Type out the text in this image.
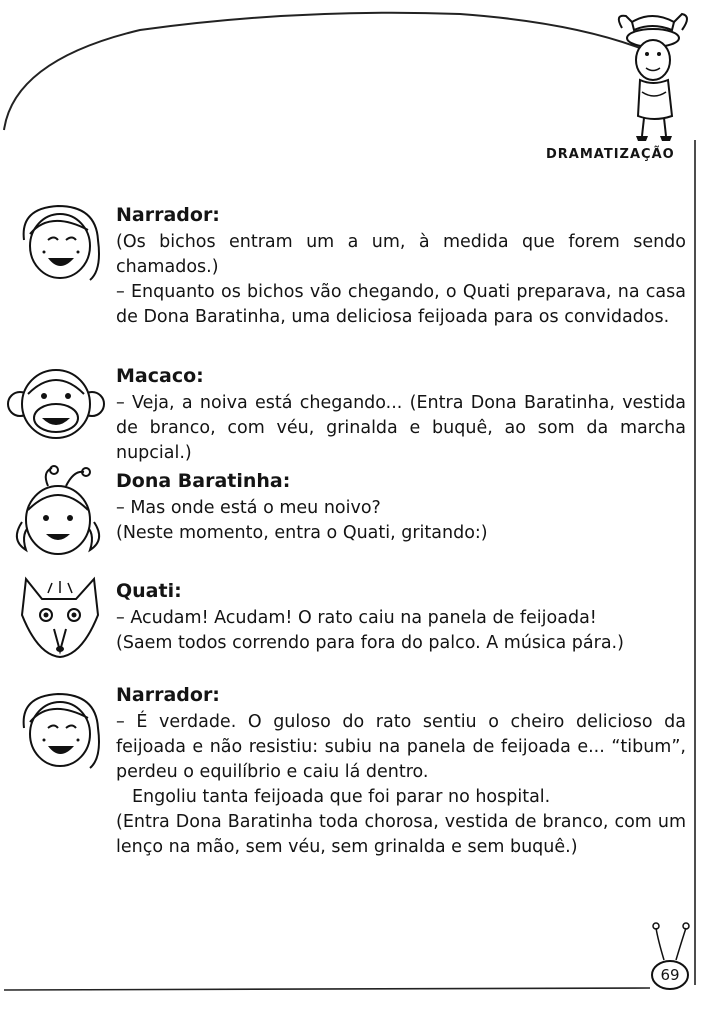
DRAMATIZAÇÃO

Narrador:

(Os bichos entram um a um, à medida que forem sendo chamados.)

– Enquanto os bichos vão chegando, o Quati preparava, na casa de Dona Baratinha, uma deliciosa feijoada para os convidados.

Macaco:

– Veja, a noiva está chegando... (Entra Dona Baratinha, vestida de branco, com véu, grinalda e buquê, ao som da marcha nupcial.)

Dona Baratinha:

– Mas onde está o meu noivo?

(Neste momento, entra o Quati, gritando:)

Quati:

– Acudam! Acudam! O rato caiu na panela de feijoada!

(Saem todos correndo para fora do palco. A música pára.)

Narrador:

– É verdade. O guloso do rato sentiu o cheiro delicioso da feijoada e não resistiu: subiu na panela de feijoada e... “tibum”, perdeu o equilíbrio e caiu lá dentro.

Engoliu tanta feijoada que foi parar no hospital.

(Entra Dona Baratinha toda chorosa, vestida de branco, com um lenço na mão, sem véu, sem grinalda e sem buquê.)

69
